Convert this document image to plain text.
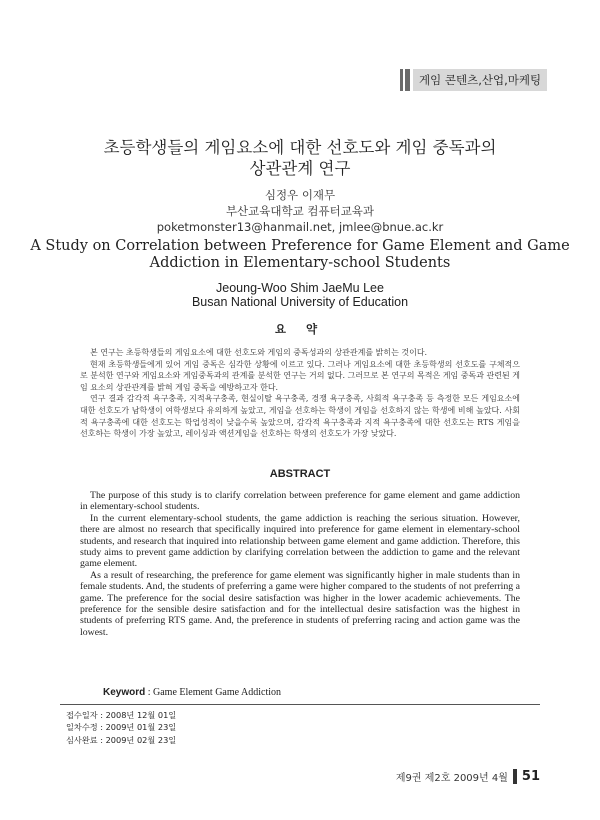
게임 콘텐츠,산업,마케팅
초등학생들의 게임요소에 대한 선호도와 게임 중독과의
상관관계 연구
심정우 이재무
부산교육대학교 컴퓨터교육과
poketmonster13@hanmail.net, jmlee@bnue.ac.kr
A Study on Correlation between Preference for Game Element and Game
Addiction in Elementary-school Students
Jeoung-Woo Shim JaeMu Lee
Busan National University of Education
요 약

본 연구는 초등학생들의 게임요소에 대한 선호도와 게임의 중독성과의 상관관계를 밝히는 것이다.

현재 초등학생들에게 있어 게임 중독은 심각한 상황에 이르고 있다. 그러나 게임요소에 대한 초등학생의 선호도를 구체적으로 분석한 연구와 게임요소와 게임중독과의 관계를 분석한 연구는 거의 없다. 그러므로 본 연구의 목적은 게임 중독과 관련된 게임 요소의 상관관계를 밝혀 게임 중독을 예방하고자 한다.

연구 결과 감각적 욕구충족, 지적욕구충족, 현실이탈 욕구충족, 경쟁 욕구충족, 사회적 욕구충족 등 측정한 모든 게임요소에 대한 선호도가 남학생이 여학생보다 유의하게 높았고, 게임을 선호하는 학생이 게임을 선호하지 않는 학생에 비해 높았다. 사회적 욕구충족에 대한 선호도는 학업성적이 낮을수록 높았으며, 감각적 욕구충족과 지적 욕구충족에 대한 선호도는 RTS 게임을 선호하는 학생이 가장 높았고, 레이싱과 액션게임을 선호하는 학생의 선호도가 가장 낮았다.

ABSTRACT

The purpose of this study is to clarify correlation between preference for game element and game addiction in elementary-school students.

In the current elementary-school students, the game addiction is reaching the serious situation. However, there are almost no research that specifically inquired into preference for game element in elementary-school students, and research that inquired into relationship between game element and game addiction. Therefore, this study aims to prevent game addiction by clarifying correlation between the addiction to game and the relevant game element.

As a result of researching, the preference for game element was significantly higher in male students than in female students. And, the students of preferring a game were higher compared to the students of not preferring a game. The preference for the social desire satisfaction was higher in the lower academic achievements. The preference for the sensible desire satisfaction and for the intellectual desire satisfaction was the highest in students of preferring RTS game. And, the preference in students of preferring racing and action game was the lowest.

Keyword : Game Element Game Addiction
접수일자 : 2008년 12월 01일
일차수정 : 2009년 01월 23일
심사완료 : 2009년 02월 23일
제9권 제2호 2009년 4월 51
